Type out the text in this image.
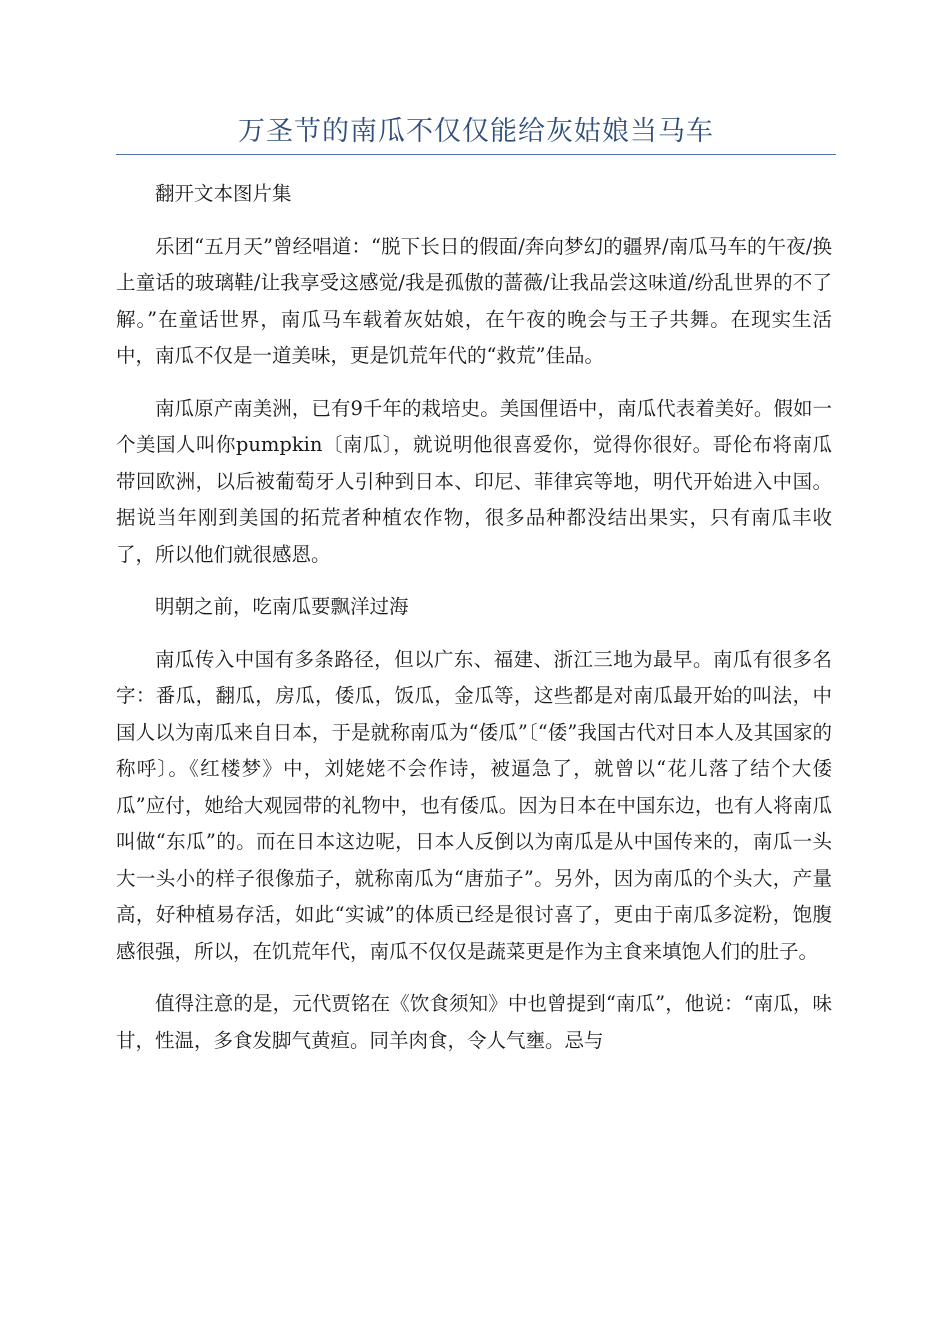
万圣节的南瓜不仅仅能给灰姑娘当马车

翻开文本图片集

乐团“五月天”曾经唱道：“脱下长日的假面/奔向梦幻的疆界/南瓜马车的午夜/换上童话的玻璃鞋/让我享受这感觉/我是孤傲的蔷薇/让我品尝这味道/纷乱世界的不了解。”在童话世界，南瓜马车载着灰姑娘，在午夜的晚会与王子共舞。在现实生活中，南瓜不仅是一道美味，更是饥荒年代的“救荒”佳品。

南瓜原产南美洲，已有9千年的栽培史。美国俚语中，南瓜代表着美好。假如一个美国人叫你pumpkin〔南瓜〕，就说明他很喜爱你，觉得你很好。哥伦布将南瓜带回欧洲，以后被葡萄牙人引种到日本、印尼、菲律宾等地，明代开始进入中国。据说当年刚到美国的拓荒者种植农作物，很多品种都没结出果实，只有南瓜丰收了，所以他们就很感恩。

明朝之前，吃南瓜要飘洋过海

南瓜传入中国有多条路径，但以广东、福建、浙江三地为最早。南瓜有很多名字：番瓜，翻瓜，房瓜，倭瓜，饭瓜，金瓜等，这些都是对南瓜最开始的叫法，中国人以为南瓜来自日本，于是就称南瓜为“倭瓜”〔“倭”我国古代对日本人及其国家的称呼〕。《红楼梦》中，刘姥姥不会作诗，被逼急了，就曾以“花儿落了结个大倭瓜”应付，她给大观园带的礼物中，也有倭瓜。因为日本在中国东边，也有人将南瓜叫做“东瓜”的。而在日本这边呢，日本人反倒以为南瓜是从中国传来的，南瓜一头大一头小的样子很像茄子，就称南瓜为“唐茄子”。另外，因为南瓜的个头大，产量高，好种植易存活，如此“实诚”的体质已经是很讨喜了，更由于南瓜多淀粉，饱腹感很强，所以，在饥荒年代，南瓜不仅仅是蔬菜更是作为主食来填饱人们的肚子。

值得注意的是，元代贾铭在《饮食须知》中也曾提到“南瓜”，他说：“南瓜，味甘，性温，多食发脚气黄疸。同羊肉食，令人气壅。忌与
